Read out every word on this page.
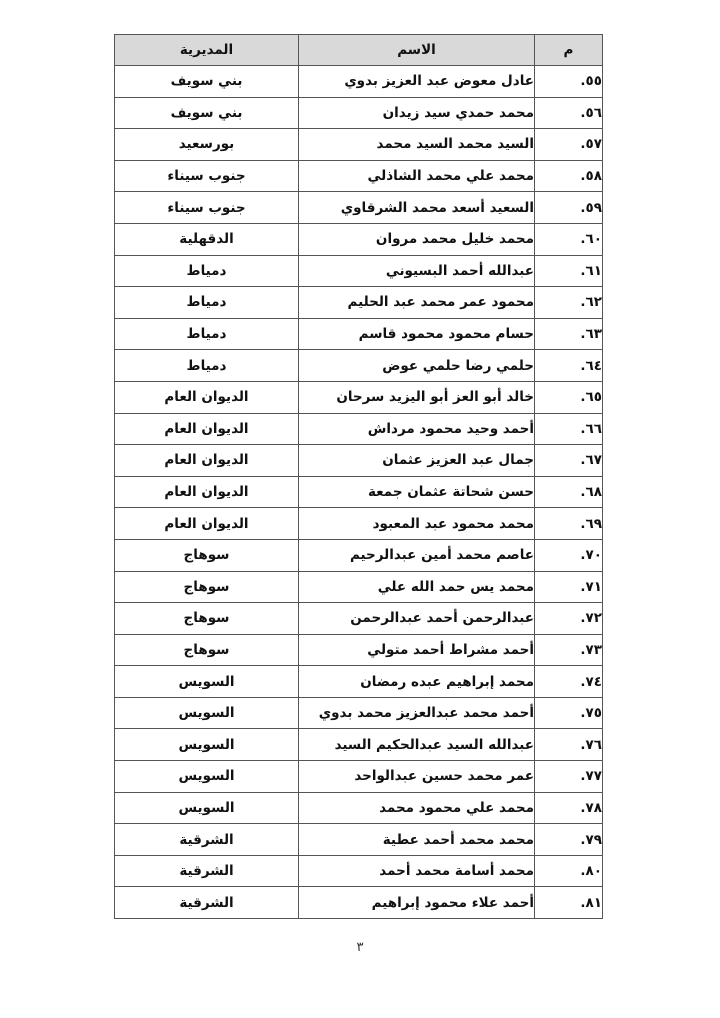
م	الاسم	المديرية
٥٥.	عادل معوض عبد العزيز بدوي	بني سويف
٥٦.	محمد حمدي سيد زيدان	بني سويف
٥٧.	السيد محمد السيد محمد	بورسعيد
٥٨.	محمد علي محمد الشاذلي	جنوب سيناء
٥٩.	السعيد أسعد محمد الشرقاوي	جنوب سيناء
٦٠.	محمد خليل محمد مروان	الدقهلية
٦١.	عبدالله أحمد البسيوني	دمياط
٦٢.	محمود عمر محمد عبد الحليم	دمياط
٦٣.	حسام محمود محمود قاسم	دمياط
٦٤.	حلمي رضا حلمي عوض	دمياط
٦٥.	خالد أبو العز أبو اليزيد سرحان	الديوان العام
٦٦.	أحمد وحيد محمود مرداش	الديوان العام
٦٧.	جمال عبد العزيز عثمان	الديوان العام
٦٨.	حسن شحاتة عثمان جمعة	الديوان العام
٦٩.	محمد محمود عبد المعبود	الديوان العام
٧٠.	عاصم محمد أمين عبدالرحيم	سوهاج
٧١.	محمد يس حمد الله علي	سوهاج
٧٢.	عبدالرحمن أحمد عبدالرحمن	سوهاج
٧٣.	أحمد مشراط أحمد متولي	سوهاج
٧٤.	محمد إبراهيم عبده رمضان	السويس
٧٥.	أحمد محمد عبدالعزيز محمد بدوي	السويس
٧٦.	عبدالله السيد عبدالحكيم السيد	السويس
٧٧.	عمر محمد حسين عبدالواحد	السويس
٧٨.	محمد علي محمود محمد	السويس
٧٩.	محمد محمد أحمد عطية	الشرقية
٨٠.	محمد أسامة محمد أحمد	الشرقية
٨١.	أحمد علاء محمود إبراهيم	الشرقية
٣
